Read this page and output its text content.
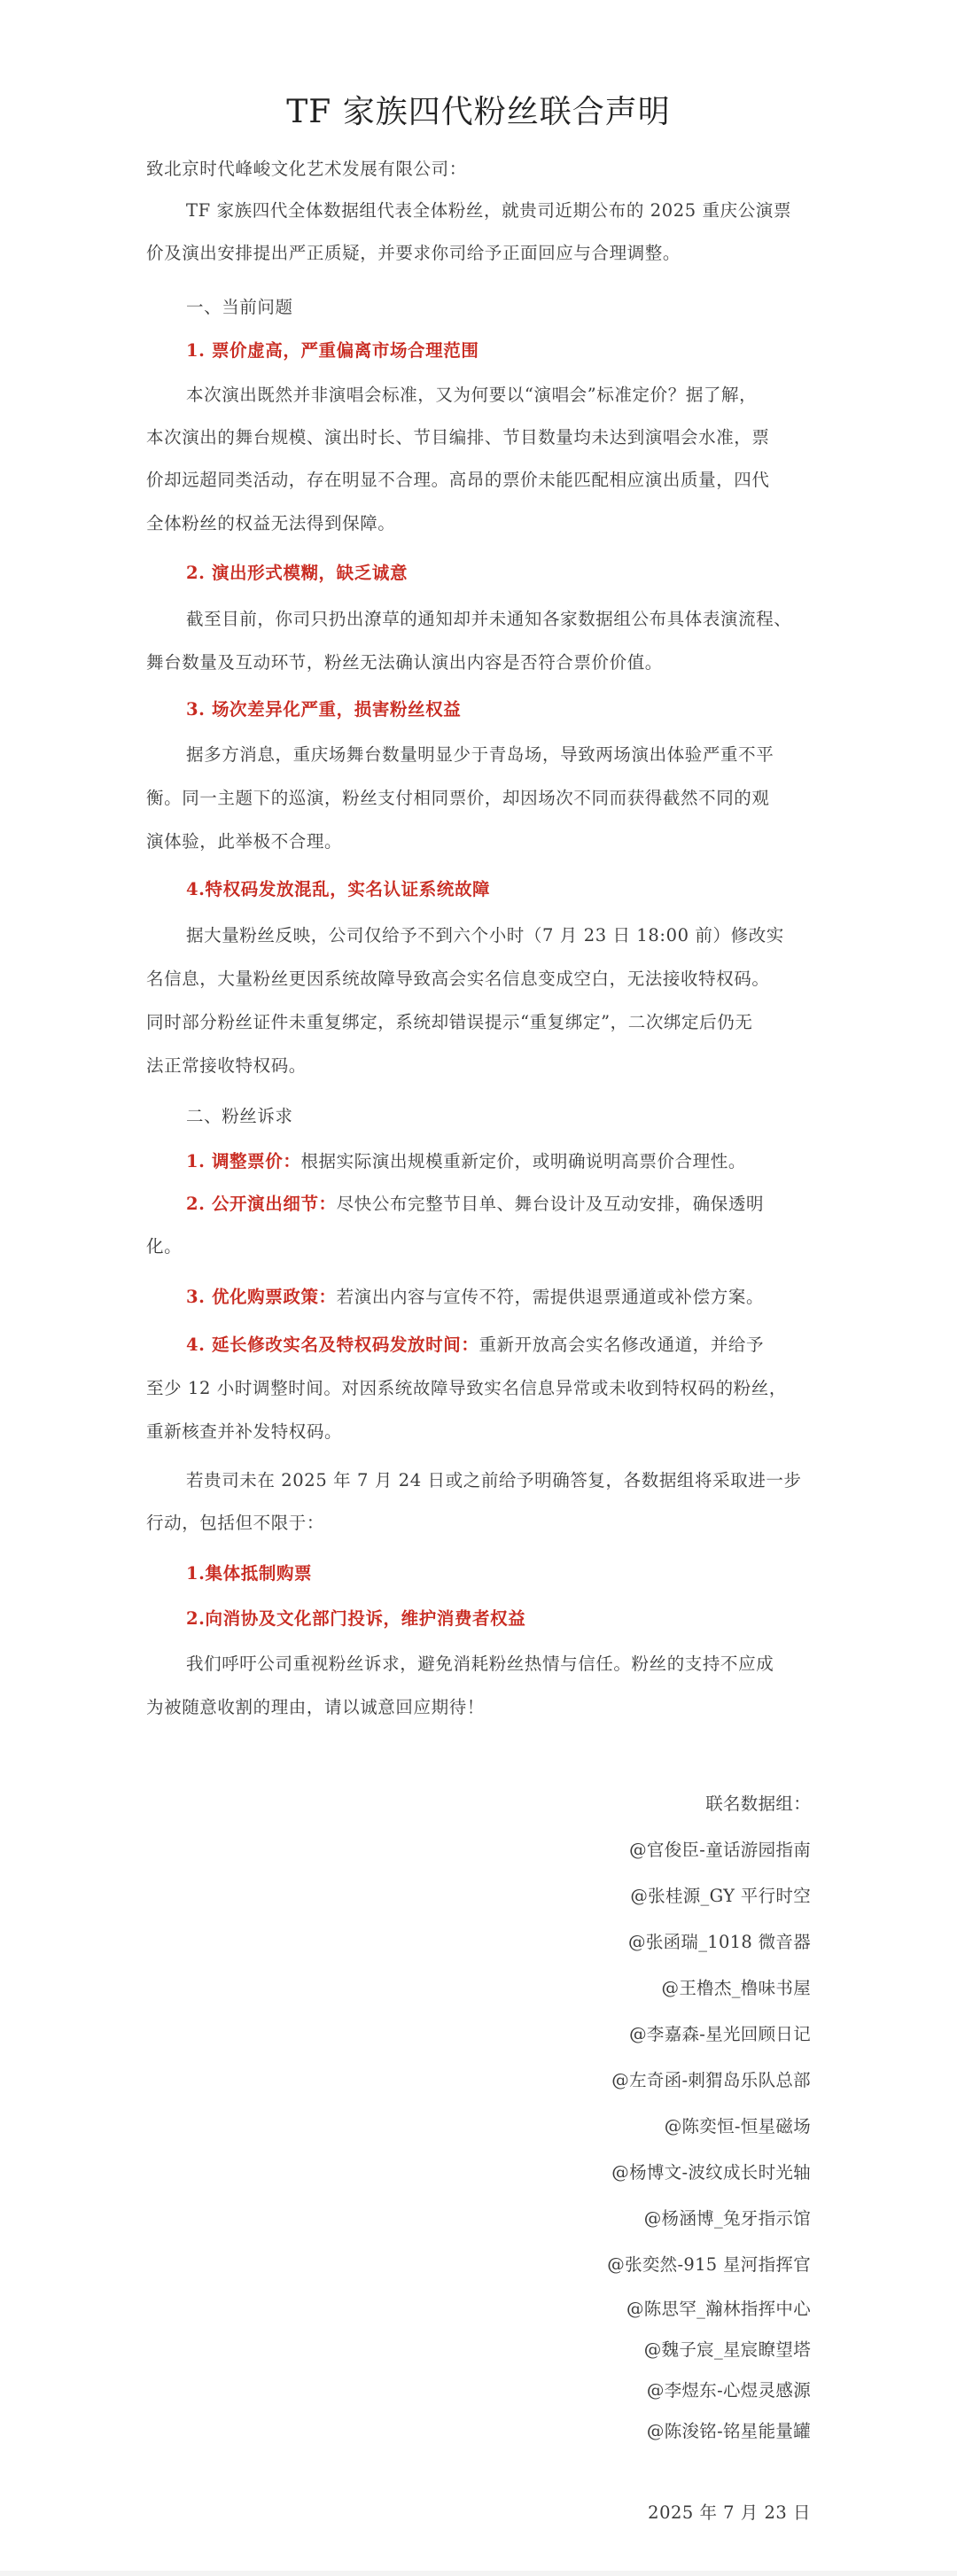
TF 家族四代粉丝联合声明
致北京时代峰峻文化艺术发展有限公司：
TF 家族四代全体数据组代表全体粉丝，就贵司近期公布的 2025 重庆公演票
价及演出安排提出严正质疑，并要求你司给予正面回应与合理调整。
一、当前问题
1. 票价虚高，严重偏离市场合理范围
本次演出既然并非演唱会标准，又为何要以“演唱会”标准定价？据了解，
本次演出的舞台规模、演出时长、节目编排、节目数量均未达到演唱会水准，票
价却远超同类活动，存在明显不合理。高昂的票价未能匹配相应演出质量，四代
全体粉丝的权益无法得到保障。
2. 演出形式模糊，缺乏诚意
截至目前，你司只扔出潦草的通知却并未通知各家数据组公布具体表演流程、
舞台数量及互动环节，粉丝无法确认演出内容是否符合票价价值。
3. 场次差异化严重，损害粉丝权益
据多方消息，重庆场舞台数量明显少于青岛场，导致两场演出体验严重不平
衡。同一主题下的巡演，粉丝支付相同票价，却因场次不同而获得截然不同的观
演体验，此举极不合理。
4.特权码发放混乱，实名认证系统故障
据大量粉丝反映，公司仅给予不到六个小时（7 月 23 日 18:00 前）修改实
名信息，大量粉丝更因系统故障导致高会实名信息变成空白，无法接收特权码。
同时部分粉丝证件未重复绑定，系统却错误提示“重复绑定”，二次绑定后仍无
法正常接收特权码。
二、粉丝诉求
1. 调整票价：根据实际演出规模重新定价，或明确说明高票价合理性。
2. 公开演出细节：尽快公布完整节目单、舞台设计及互动安排，确保透明
化。
3. 优化购票政策：若演出内容与宣传不符，需提供退票通道或补偿方案。
4. 延长修改实名及特权码发放时间：重新开放高会实名修改通道，并给予
至少 12 小时调整时间。对因系统故障导致实名信息异常或未收到特权码的粉丝，
重新核查并补发特权码。
若贵司未在 2025 年 7 月 24 日或之前给予明确答复，各数据组将采取进一步
行动，包括但不限于：
1.集体抵制购票
2.向消协及文化部门投诉，维护消费者权益
我们呼吁公司重视粉丝诉求，避免消耗粉丝热情与信任。粉丝的支持不应成
为被随意收割的理由，请以诚意回应期待！
联名数据组：
@官俊臣-童话游园指南
@张桂源_GY 平行时空
@张函瑞_1018 微音器
@王橹杰_橹味书屋
@李嘉森-星光回顾日记
@左奇函-刺猬岛乐队总部
@陈奕恒-恒星磁场
@杨博文-波纹成长时光轴
@杨涵博_兔牙指示馆
@张奕然-915 星河指挥官
@陈思罕_瀚林指挥中心
@魏子宸_星宸瞭望塔
@李煜东-心煜灵感源
@陈浚铭-铭星能量罐
2025 年 7 月 23 日
